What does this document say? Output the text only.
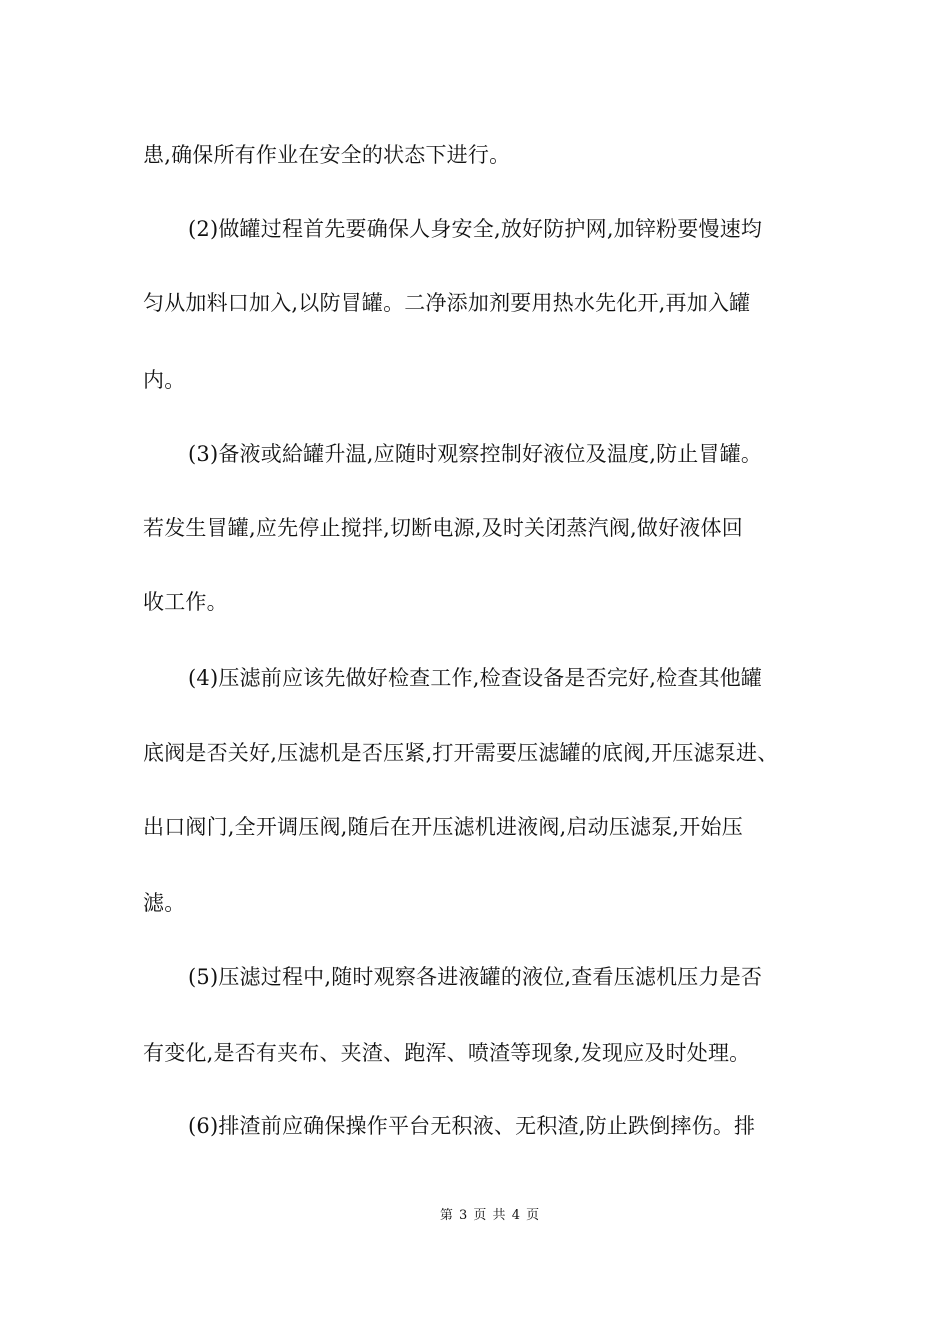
患,确保所有作业在安全的状态下进行。
(2)做罐过程首先要确保人身安全,放好防护网,加锌粉要慢速均
匀从加料口加入,以防冒罐。二净添加剂要用热水先化开,再加入罐
内。
(3)备液或給罐升温,应随时观察控制好液位及温度,防止冒罐。
若发生冒罐,应先停止搅拌,切断电源,及时关闭蒸汽阀,做好液体回
收工作。
(4)压滤前应该先做好检查工作,检查设备是否完好,检查其他罐
底阀是否关好,压滤机是否压紧,打开需要压滤罐的底阀,开压滤泵进、
出口阀门,全开调压阀,随后在开压滤机进液阀,启动压滤泵,开始压
滤。
(5)压滤过程中,随时观察各进液罐的液位,查看压滤机压力是否
有变化,是否有夹布、夹渣、跑浑、喷渣等现象,发现应及时处理。
(6)排渣前应确保操作平台无积液、无积渣,防止跌倒摔伤。排
第 3 页 共 4 页
